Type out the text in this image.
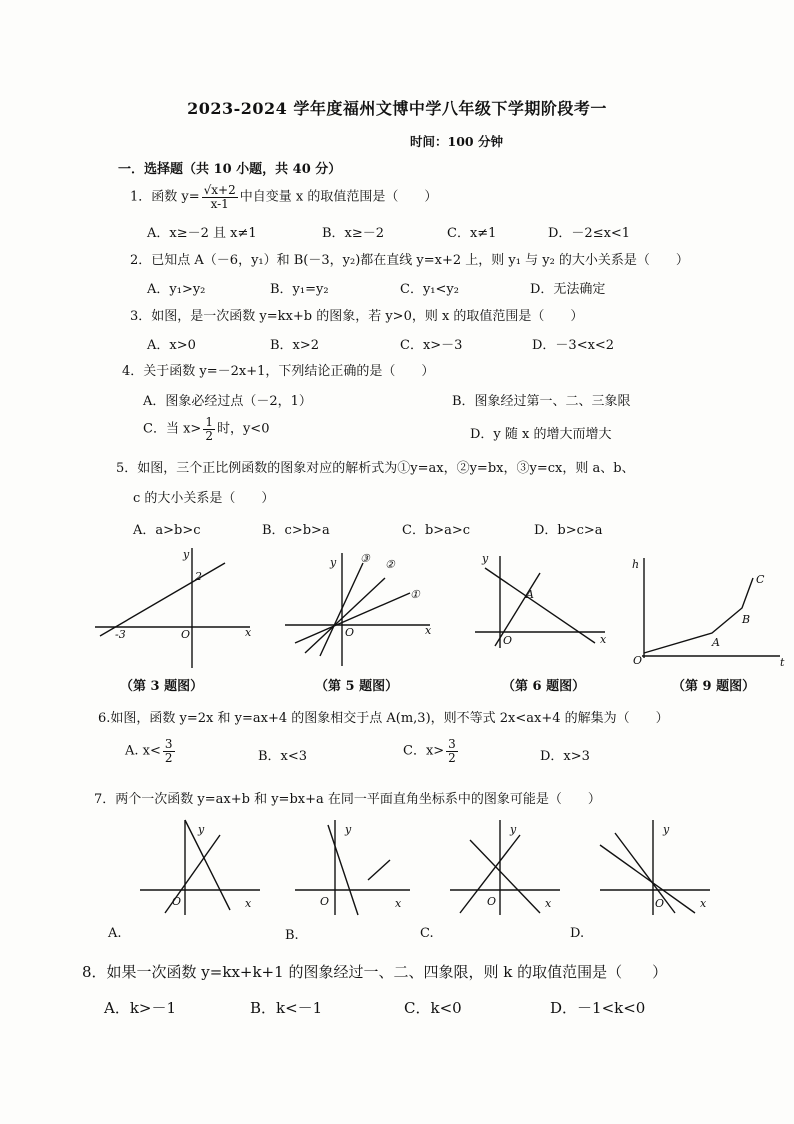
2023-2024 学年度福州文博中学八年级下学期阶段考一
时间：100 分钟
一．选择题（共 10 小题，共 40 分）
1．函数 $y= \frac{√x+2}{x-1}$ 中自变量 x 的取值范围是（　　）
A．x≥－2 且 x≠1	B．x≥－2	C．x≠1	D．－2≤x<1
2．已知点 A（－6，y₁）和 B(－3，y₂)都在直线 y=x+2 上，则 y₁ 与 y₂ 的大小关系是（　　）
A．y₁>y₂	B．y₁=y₂	C．y₁<y₂	D．无法确定
3．如图，是一次函数 y=kx+b 的图象，若 y>0，则 x 的取值范围是（　　）
A．x>0	B．x>2	C．x>－3	D．－3<x<2
4．关于函数 y=－2x+1，下列结论正确的是（　　）
A．图象必经过点（－2，1）	B．图象经过第一、二、三象限
C．当 $x> \frac{1}{2}$ 时，y<0	D．y 随 x 的增大而增大
5．如图，三个正比例函数的图象对应的解析式为①y=ax，②y=bx，③y=cx，则 a、b、
c 的大小关系是（　　）
A．a>b>c	B．c>b>a	C．b>a>c	D．b>c>a
x
y
O
-3
2
x
y
O
③ ②
①
x
y
O
A
t
h
O
A
B
C
（第 3 题图）	（第 5 题图）	（第 6 题图）	（第 9 题图）
6.如图，函数 y=2x 和 y=ax+4 的图象相交于点 A(m,3)，则不等式 2x<ax+4 的解集为（　　）
A. $x< \frac{3}{2}$	B．x<3	C．$x> \frac{3}{2}$	D．x>3
7．两个一次函数 y=ax+b 和 y=bx+a 在同一平面直角坐标系中的图象可能是（　　）
x
y
O	x
y
O	x
y
O	x
y
O
A.	B.	C.	D.
8．如果一次函数 y=kx+k+1 的图象经过一、二、四象限，则 k 的取值范围是（　　）
A．k>－1	B．k<－1	C．k<0	D．－1<k<0
